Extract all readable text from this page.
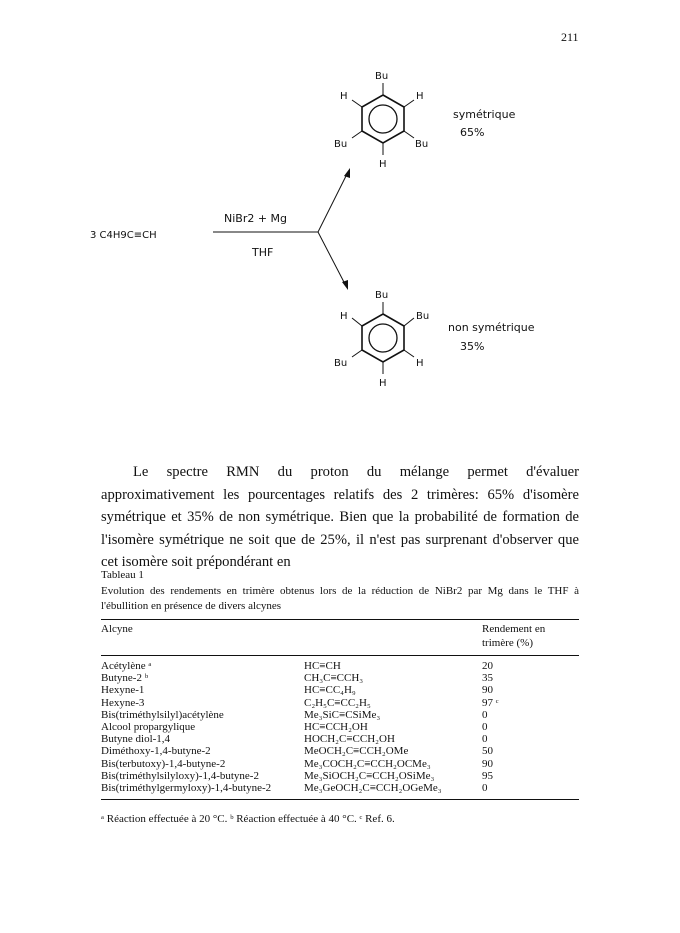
211
3 C4H9C≡CH
NiBr2 + Mg
THF
Bu
H
Bu
H
Bu
H
symétrique
65%
Bu
Bu
H
H
Bu
H
non symétrique
35%

Le spectre RMN du proton du mélange permet d'évaluer approximativement les pourcentages relatifs des 2 trimères: 65% d'isomère symétrique et 35% de non symétrique. Bien que la probabilité de formation de l'isomère symétrique ne soit que de 25%, il n'est pas surprenant d'observer que cet isomère soit prépondérant en

Tableau 1
Evolution des rendements en trimère obtenus lors de la réduction de NiBr2 par Mg dans le THF à l'ébullition en présence de divers alcynes
Alcyne		Rendement en trimère (%)

Acétylène ᵃ	HC≡CH	20
Butyne-2 ᵇ	CH₃C≡CCH₃	35
Hexyne-1	HC≡CC₄H₉	90
Hexyne-3	C₂H₅C≡CC₂H₅	97 ᶜ
Bis(triméthylsilyl)acétylène	Me₃SiC≡CSiMe₃	0
Alcool propargylique	HC≡CCH₂OH	0
Butyne diol-1,4	HOCH₂C≡CCH₂OH	0
Diméthoxy-1,4-butyne-2	MeOCH₂C≡CCH₂OMe	50
Bis(terbutoxy)-1,4-butyne-2	Me₃COCH₂C≡CCH₂OCMe₃	90
Bis(triméthylsilyloxy)-1,4-butyne-2	Me₃SiOCH₂C≡CCH₂OSiMe₃	95
Bis(triméthylgermyloxy)-1,4-butyne-2	Me₃GeOCH₂C≡CCH₂OGeMe₃	0
ᵃ Réaction effectuée à 20 °C. ᵇ Réaction effectuée à 40 °C. ᶜ Ref. 6.
